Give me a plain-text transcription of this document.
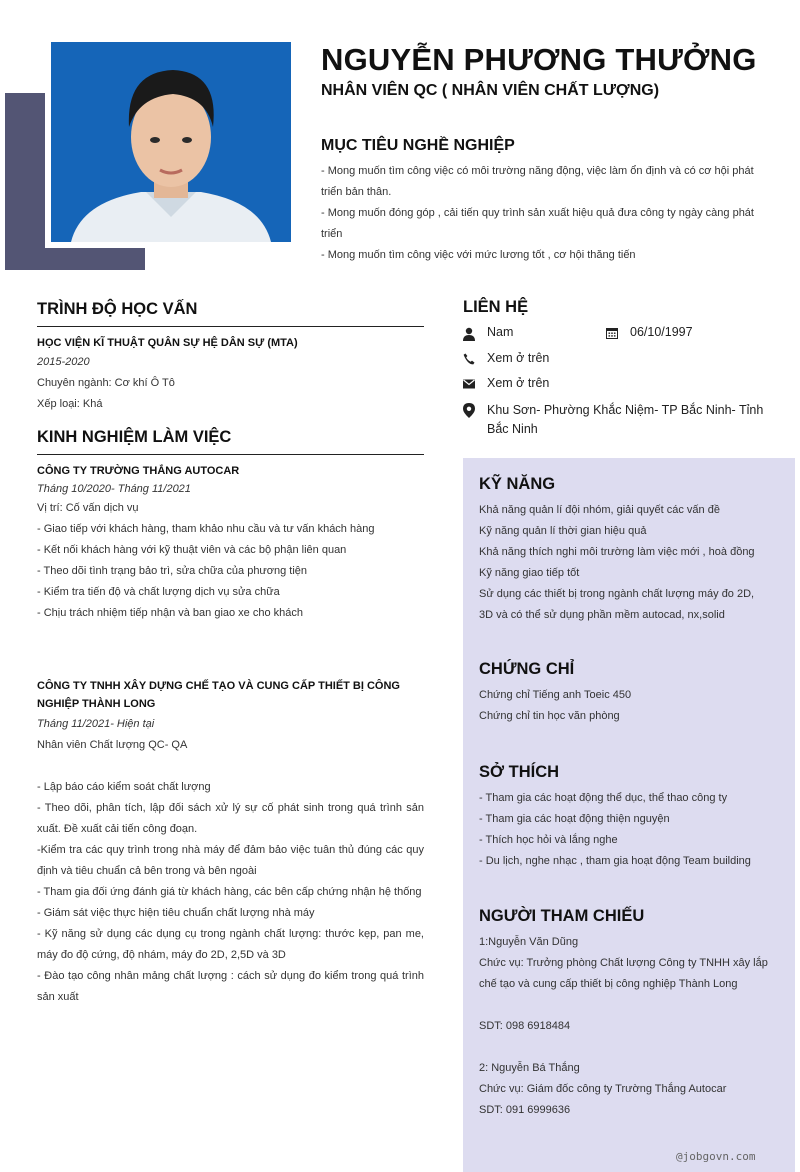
NGUYỄN PHƯƠNG THƯỞNG
NHÂN VIÊN QC ( NHÂN VIÊN CHẤT LƯỢNG)
MỤC TIÊU NGHỀ NGHIỆP
- Mong muốn tìm công việc có môi trường năng động, việc làm ổn định và có cơ hội phát triển bản thân.
- Mong muốn đóng góp , cải tiến quy trình sản xuất hiệu quả đưa công ty ngày càng phát triển
- Mong muốn tìm công việc với mức lương tốt , cơ hội thăng tiến
TRÌNH ĐỘ HỌC VẤN
HỌC VIỆN KĨ THUẬT QUÂN SỰ HỆ DÂN SỰ (MTA)
2015-2020
Chuyên ngành: Cơ khí Ô Tô
Xếp loại: Khá
KINH NGHIỆM LÀM VIỆC
CÔNG TY TRƯỜNG THẮNG AUTOCAR
Tháng 10/2020- Tháng 11/2021
Vị trí: Cố vấn dịch vụ
- Giao tiếp với khách hàng, tham khảo nhu cầu và tư vấn khách hàng
- Kết nối khách hàng với kỹ thuật viên và các bộ phận liên quan
- Theo dõi tình trạng bảo trì, sửa chữa của phương tiện
- Kiểm tra tiến độ và chất lượng dịch vụ sửa chữa
- Chịu trách nhiệm tiếp nhận và ban giao xe cho khách
CÔNG TY TNHH XÂY DỰNG CHẾ TẠO VÀ CUNG CẤP THIẾT BỊ CÔNG NGHIỆP THÀNH LONG
Tháng 11/2021- Hiện tại
Nhân viên Chất lượng QC- QA
- Lập báo cáo kiểm soát chất lượng
- Theo dõi, phân tích, lập đối sách xử lý sự cố phát sinh trong quá trình sản xuất. Đề xuất cải tiến công đoạn.
-Kiểm tra các quy trình trong nhà máy để đảm bảo việc tuân thủ đúng các quy định và tiêu chuẩn cả bên trong và bên ngoài
- Tham gia đối ứng đánh giá từ khách hàng, các bên cấp chứng nhận hệ thống
- Giám sát việc thực hiện tiêu chuẩn chất lượng nhà máy
- Kỹ năng sử dụng các dụng cụ trong ngành chất lượng: thước kẹp, pan me, máy đo độ cứng, độ nhám, máy đo 2D, 2,5D và 3D
- Đào tạo công nhân mảng chất lượng : cách sử dụng đo kiểm trong quá trình sản xuất
LIÊN HỆ
Nam	06/10/1997
Xem ở trên
Xem ở trên
Khu Sơn- Phường Khắc Niệm- TP Bắc Ninh- Tỉnh Bắc Ninh
KỸ NĂNG
Khả năng quản lí đội nhóm, giải quyết các vấn đề
Kỹ năng quản lí thời gian hiệu quả
Khả năng thích nghi môi trường làm việc mới , hoà đồng
Kỹ năng giao tiếp tốt
Sử dụng các thiết bị trong ngành chất lượng máy đo 2D, 3D và có thể sử dụng phần mềm autocad, nx,solid
CHỨNG CHỈ
Chứng chỉ Tiếng anh Toeic 450
Chứng chỉ tin học văn phòng
SỞ THÍCH
- Tham gia các hoạt động thể dục, thể thao công ty
- Tham gia các hoạt động thiện nguyện
- Thích học hỏi và lắng nghe
- Du lịch, nghe nhạc , tham gia hoạt động Team building
NGƯỜI THAM CHIẾU
1:Nguyễn Văn Dũng
Chức vụ: Trưởng phòng Chất lượng Công ty TNHH xây lắp chế tạo và cung cấp thiết bị công nghiệp Thành Long
SDT: 098 6918484
2: Nguyễn Bá Thắng
Chức vụ: Giám đốc công ty Trường Thắng Autocar
SDT: 091 6999636
@jobgovn.com
